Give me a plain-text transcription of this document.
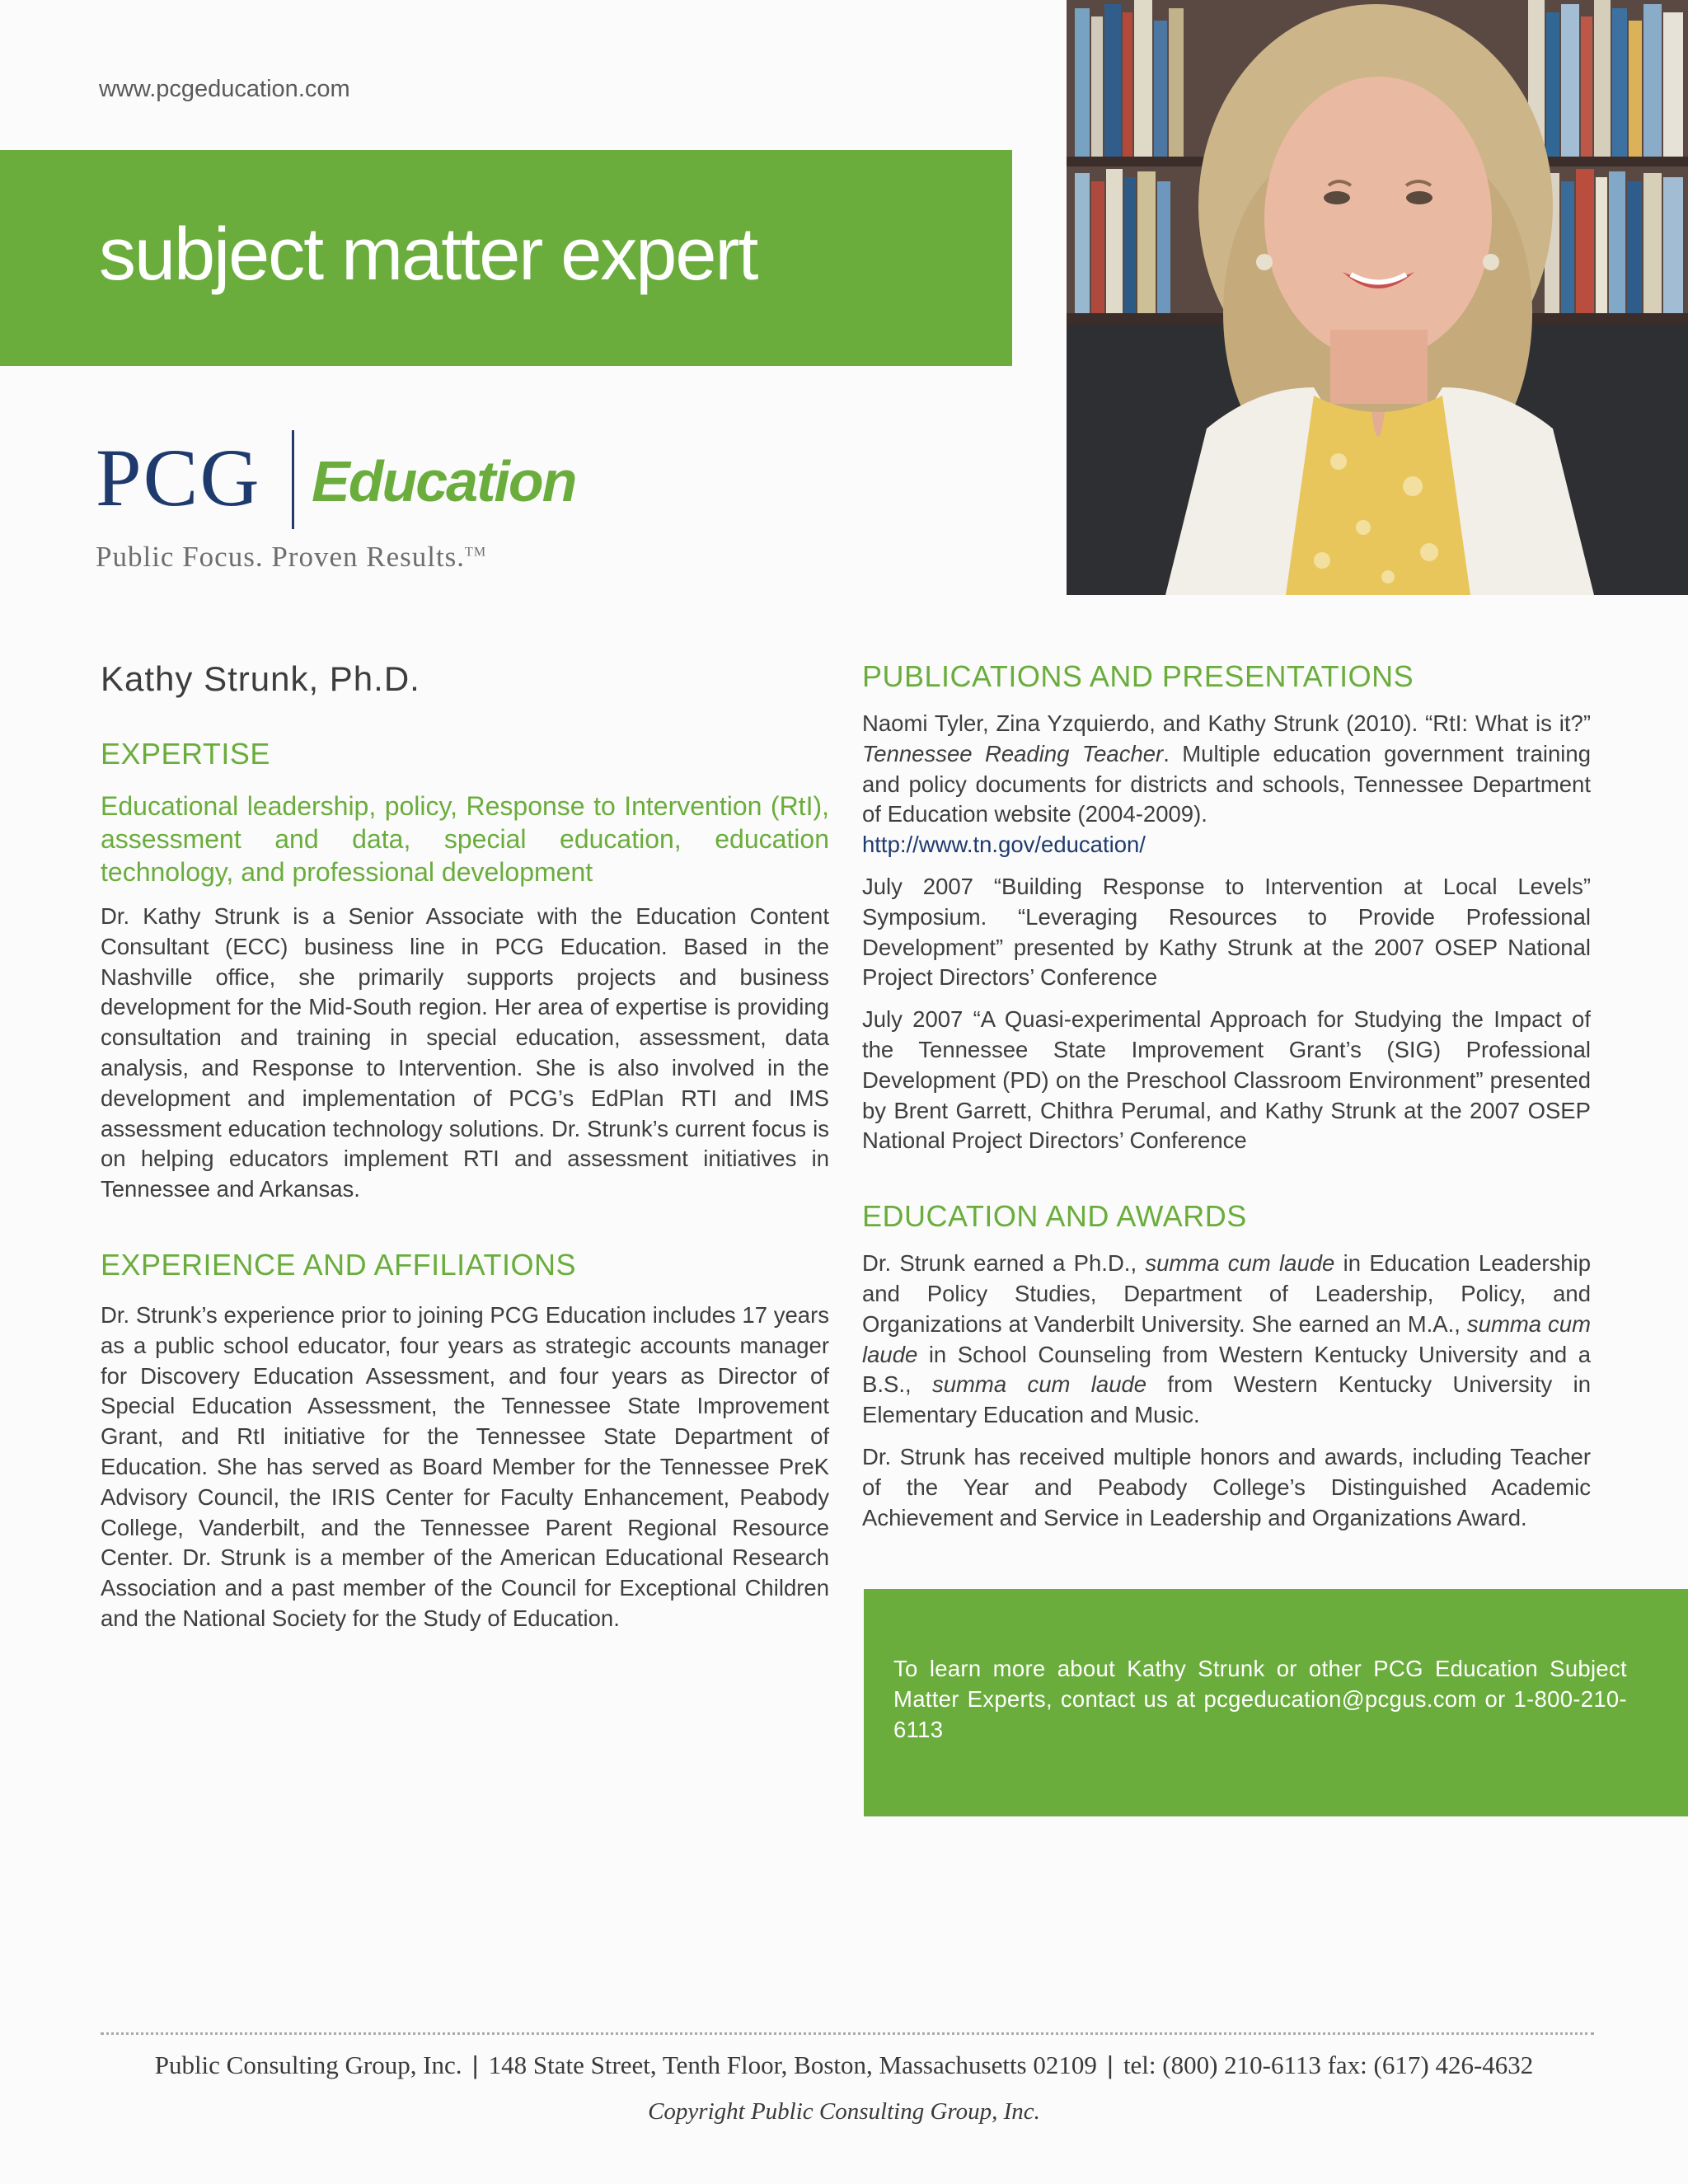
www.pcgeducation.com
subject matter expert
PCG Education
Public Focus. Proven Results.™
Kathy Strunk, Ph.D.
EXPERTISE

Educational leadership, policy, Response to Intervention (RtI), assessment and data, special education, education technology, and professional development

Dr. Kathy Strunk is a Senior Associate with the Education Content Consultant (ECC) business line in PCG Education. Based in the Nashville office, she primarily supports projects and business development for the Mid-South region. Her area of expertise is providing consultation and training in special education, assessment, data analysis, and Response to Intervention. She is also involved in the development and implementation of PCG’s EdPlan RTI and IMS assessment education technology solutions. Dr. Strunk’s current focus is on helping educators implement RTI and assessment initiatives in Tennessee and Arkansas.

EXPERIENCE AND AFFILIATIONS

Dr. Strunk’s experience prior to joining PCG Education includes 17 years as a public school educator, four years as strategic accounts manager for Discovery Education Assessment, and four years as Director of Special Education Assessment, the Tennessee State Improvement Grant, and RtI initiative for the Tennessee State Department of Education. She has served as Board Member for the Tennessee PreK Advisory Council, the IRIS Center for Faculty Enhancement, Peabody College, Vanderbilt, and the Tennessee Parent Regional Resource Center. Dr. Strunk is a member of the American Educational Research Association and a past member of the Council for Exceptional Children and the National Society for the Study of Education.

PUBLICATIONS AND PRESENTATIONS

Naomi Tyler, Zina Yzquierdo, and Kathy Strunk (2010). “RtI: What is it?” Tennessee Reading Teacher. Multiple education government training and policy documents for districts and schools, Tennessee Department of Education website (2004-2009).
http://www.tn.gov/education/

July 2007 “Building Response to Intervention at Local Levels” Symposium. “Leveraging Resources to Provide Professional Development” presented by Kathy Strunk at the 2007 OSEP National Project Directors’ Conference

July 2007 “A Quasi-experimental Approach for Studying the Impact of the Tennessee State Improvement Grant’s (SIG) Professional Development (PD) on the Preschool Classroom Environment” presented by Brent Garrett, Chithra Perumal, and Kathy Strunk at the 2007 OSEP National Project Directors’ Conference

EDUCATION AND AWARDS

Dr. Strunk earned a Ph.D., summa cum laude in Education Leadership and Policy Studies, Department of Leadership, Policy, and Organizations at Vanderbilt University. She earned an M.A., summa cum laude in School Counseling from Western Kentucky University and a B.S., summa cum laude from Western Kentucky University in Elementary Education and Music.

Dr. Strunk has received multiple honors and awards, including Teacher of the Year and Peabody College’s Distinguished Academic Achievement and Service in Leadership and Organizations Award.

To learn more about Kathy Strunk or other PCG Education Subject Matter Experts, contact us at pcgeducation@pcgus.com or 1-800-210-6113

Public Consulting Group, Inc. | 148 State Street, Tenth Floor, Boston, Massachusetts 02109 | tel: (800) 210-6113 fax: (617) 426-4632
Copyright Public Consulting Group, Inc.
